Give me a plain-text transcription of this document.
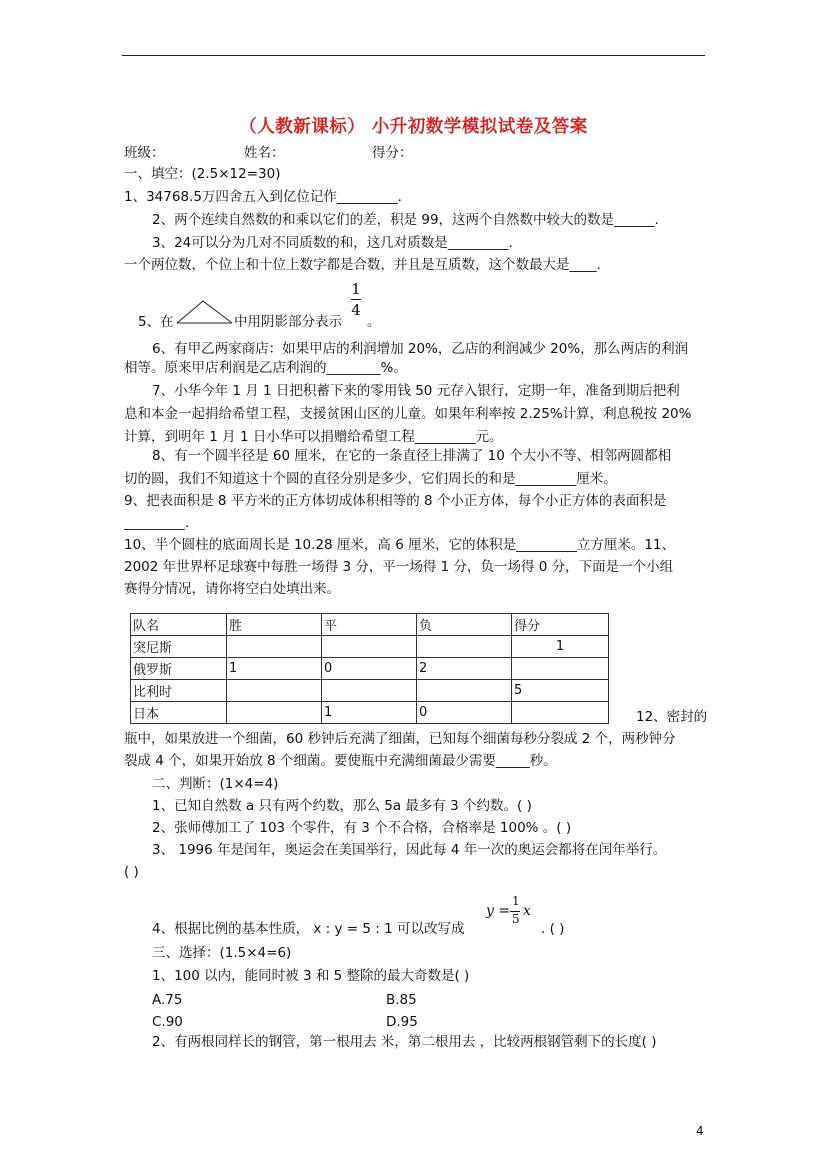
（人教新课标） 小升初数学模拟试卷及答案
班级：	姓名：	得分：
一、填空：(2.5×12=30)
1、34768.5万四舍五入到亿位记作_________.
2、两个连续自然数的和乘以它们的差，积是 99，这两个自然数中较大的数是______.
3、24可以分为几对不同质数的和，这几对质数是_________.
一个两位数，个位上和十位上数字都是合数，并且是互质数，这个数最大是____.
5、在	中用阴影部分表示
1
4
。
6、有甲乙两家商店：如果甲店的利润增加 20%，乙店的利润减少 20%，那么两店的利润
相等。原来甲店利润是乙店利润的________%。
7、小华今年 1 月 1 日把积蓄下来的零用钱 50 元存入银行，定期一年，准备到期后把利
息和本金一起捐给希望工程，支援贫困山区的儿童。如果年利率按 2.25%计算，利息税按 20%
计算，到明年 1 月 1 日小华可以捐赠给希望工程_________元。
8、有一个圆半径是 60 厘米，在它的一条直径上排满了 10 个大小不等、相邻两圆都相
切的圆，我们不知道这十个圆的直径分别是多少，它们周长的和是_________厘米。
9、把表面积是 8 平方米的正方体切成体积相等的 8 个小正方体，每个小正方体的表面积是
_________.
10、半个圆柱的底面周长是 10.28 厘米，高 6 厘米，它的体积是_________立方厘米。11、
2002 年世界杯足球赛中每胜一场得 3 分，平一场得 1 分，负一场得 0 分，下面是一个小组
赛得分情况，请你将空白处填出来。
队名	胜	平	负	得分
突尼斯				1
俄罗斯	1	0	2	
比利时				5
日本		1	0		12、密封的
瓶中，如果放进一个细菌，60 秒钟后充满了细菌，已知每个细菌每秒分裂成 2 个，两秒钟分
裂成 4 个，如果开始放 8 个细菌。要使瓶中充满细菌最少需要_____秒。
二、判断：(1×4=4)
1、已知自然数 a 只有两个约数，那么 5a 最多有 3 个约数。( )
2、张师傅加工了 103 个零件，有 3 个不合格，合格率是 100% 。( )
3、 1996 年是闰年，奥运会在美国举行，因此每 4 年一次的奥运会都将在闰年举行。
( )
4、根据比例的基本性质， x : y = 5 : 1 可以改写成
y =
1
5 x
. ( )
三、选择：(1.5×4=6)
1、100 以内，能同时被 3 和 5 整除的最大奇数是( )
A.75	B.85
C.90	D.95
2、有两根同样长的钢管，第一根用去 米，第二根用去 ，比较两根钢管剩下的长度( )
4
